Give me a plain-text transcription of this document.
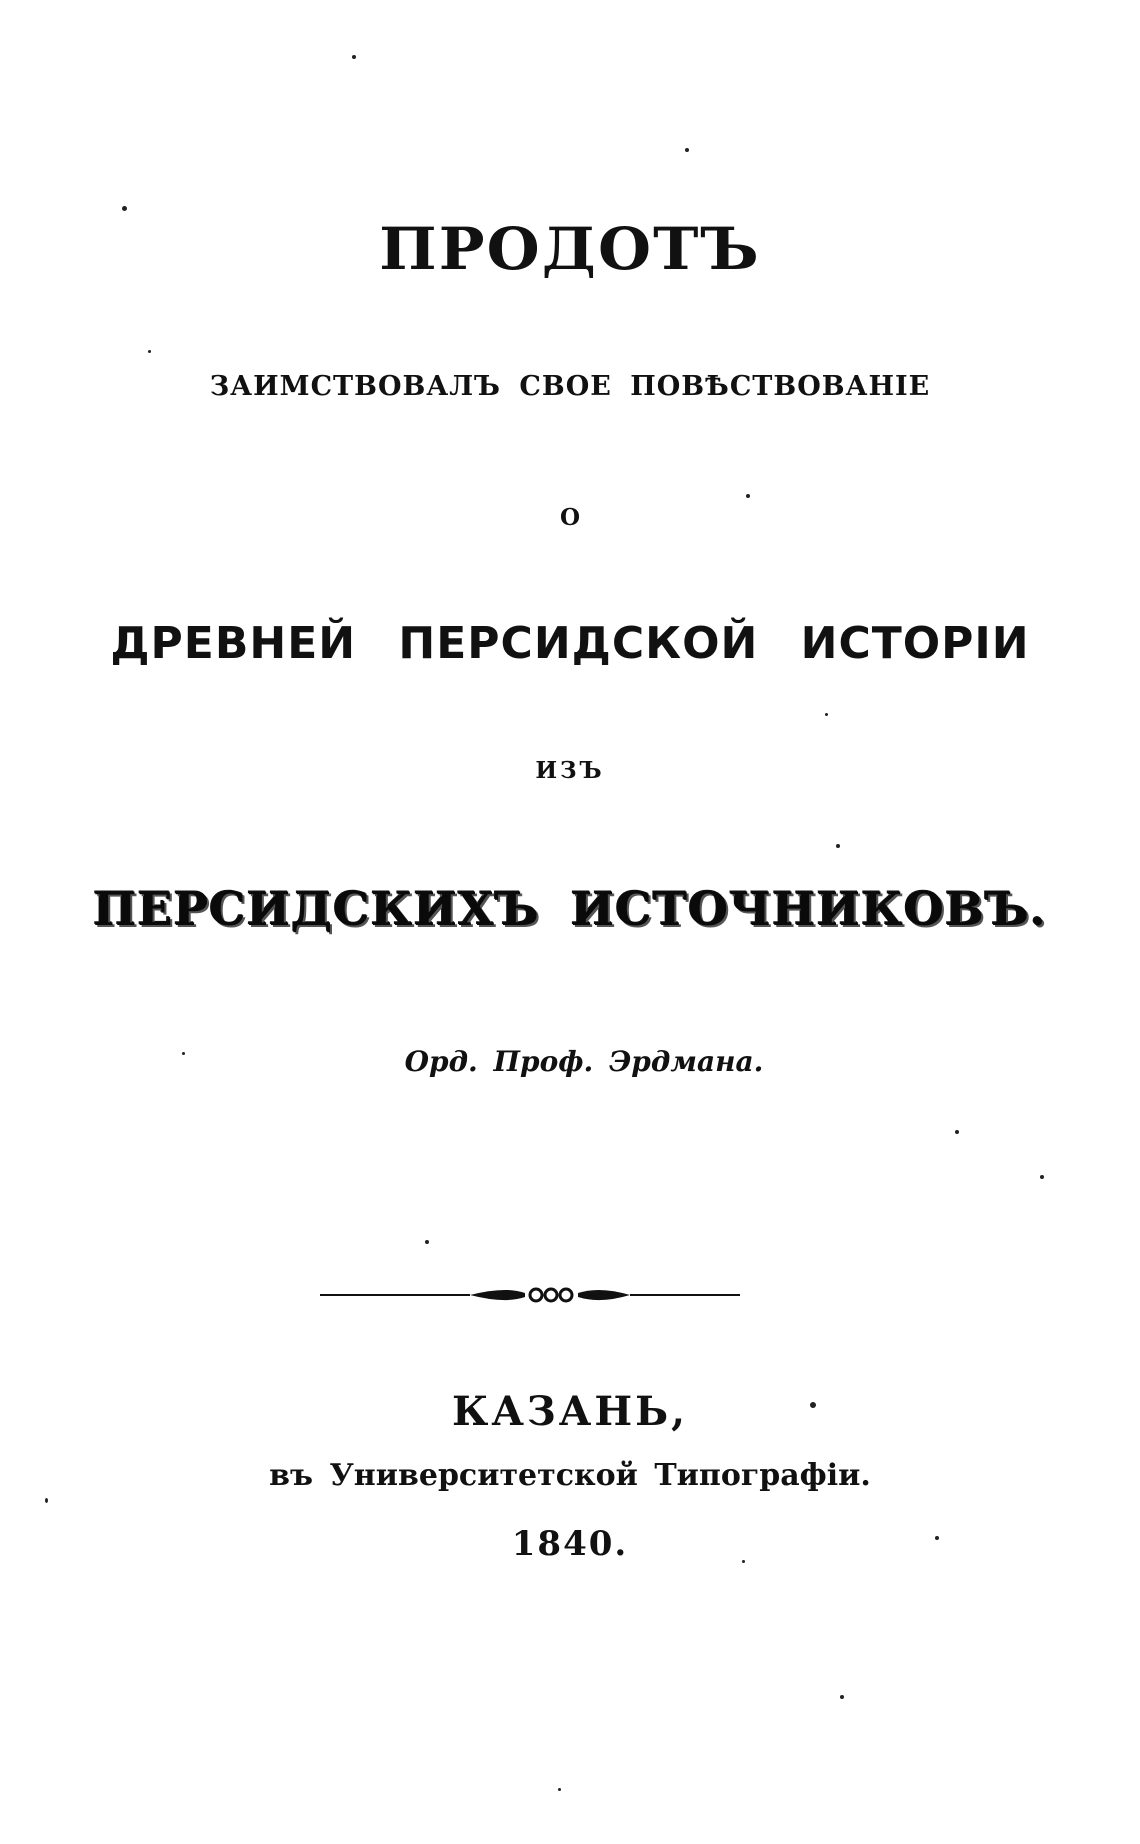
ПРОДОТЪ
ЗАИМСТВОВАЛЪ СВОЕ ПОВѢСТВОВАНІЕ
О
ДРЕВНЕЙ ПЕРСИДСКОЙ ИСТОРІИ
ИЗЪ
ПЕРСИДСКИХЪ ИСТОЧНИКОВЪ.
Орд. Проф. Эрдмана.
КАЗАНЬ,
въ Университетской Типографіи.
1840.
